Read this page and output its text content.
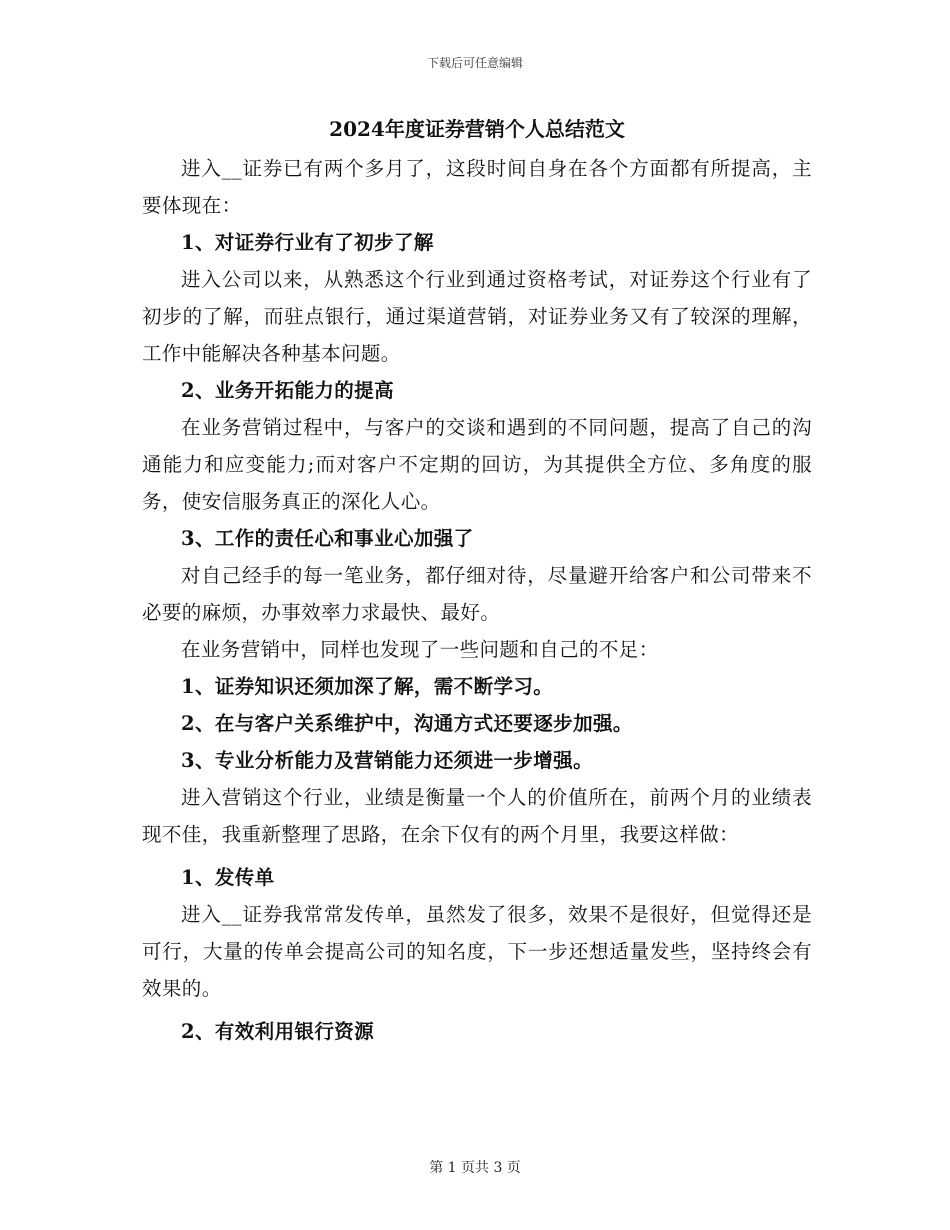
下载后可任意编辑
2024年度证券营销个人总结范文

进入__证券已有两个多月了，这段时间自身在各个方面都有所提高，主要体现在：

1、对证券行业有了初步了解

进入公司以来，从熟悉这个行业到通过资格考试，对证券这个行业有了初步的了解，而驻点银行，通过渠道营销，对证券业务又有了较深的理解，工作中能解决各种基本问题。

2、业务开拓能力的提高

在业务营销过程中，与客户的交谈和遇到的不同问题，提高了自己的沟通能力和应变能力;而对客户不定期的回访，为其提供全方位、多角度的服务，使安信服务真正的深化人心。

3、工作的责任心和事业心加强了

对自己经手的每一笔业务，都仔细对待，尽量避开给客户和公司带来不必要的麻烦，办事效率力求最快、最好。

在业务营销中，同样也发现了一些问题和自己的不足：

1、证券知识还须加深了解，需不断学习。

2、在与客户关系维护中，沟通方式还要逐步加强。

3、专业分析能力及营销能力还须进一步增强。

进入营销这个行业，业绩是衡量一个人的价值所在，前两个月的业绩表现不佳，我重新整理了思路，在余下仅有的两个月里，我要这样做：

1、发传单

进入__证券我常常发传单，虽然发了很多，效果不是很好，但觉得还是可行，大量的传单会提高公司的知名度，下一步还想适量发些，坚持终会有效果的。

2、有效利用银行资源

第 1 页共 3 页
